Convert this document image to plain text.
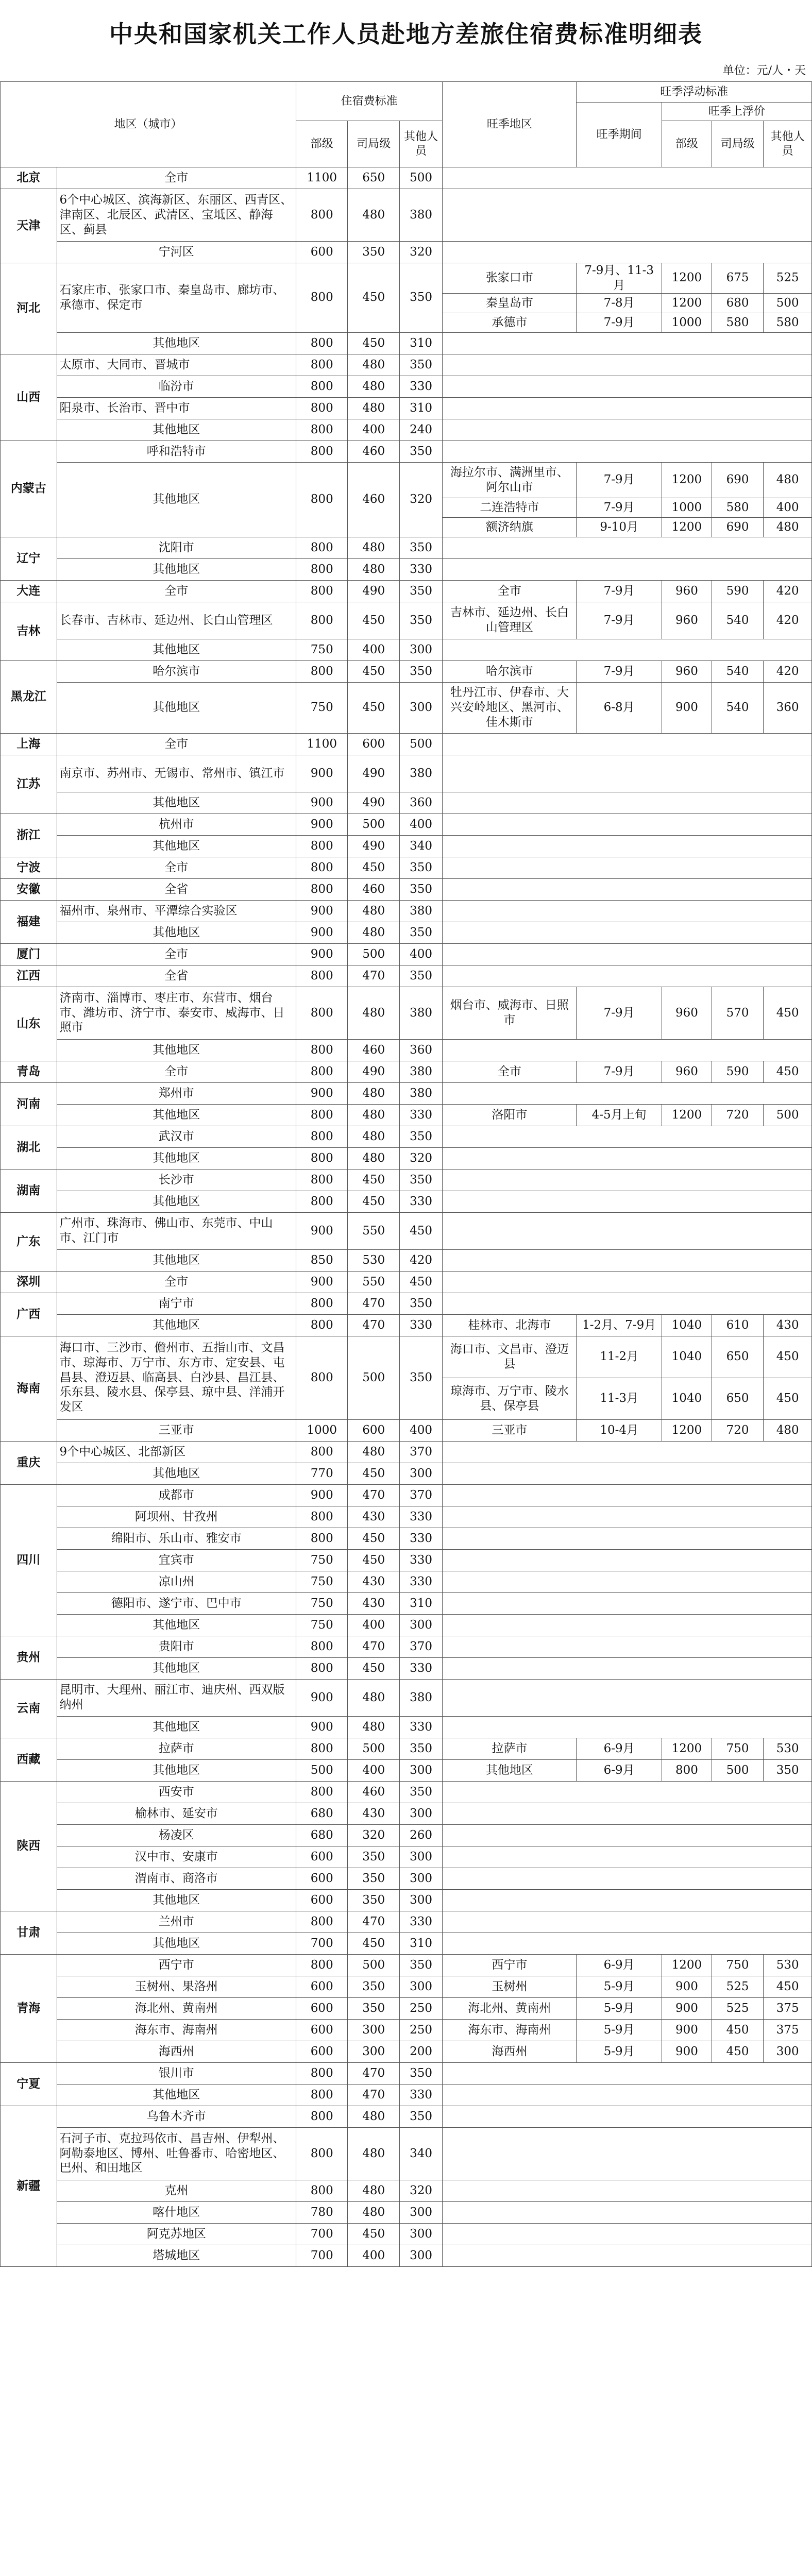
中央和国家机关工作人员赴地方差旅住宿费标准明细表
单位：元/人・天
地区（城市）		住宿费标准			旺季地区	旺季浮动标准			
						旺季期间	旺季上浮价		
		部级	司局级	其他人员			部级	司局级	其他人员
北京	全市	1100	650	500					
天津	6个中心城区、滨海新区、东丽区、西青区、津南区、北辰区、武清区、宝坻区、静海区、蓟县	800	480	380					
	宁河区	600	350	320					
河北	石家庄市、张家口市、秦皇岛市、廊坊市、承德市、保定市	800	450	350	张家口市	7-9月、11-3月	1200	675	525
					秦皇岛市	7-8月	1200	680	500
					承德市	7-9月	1000	580	580
	其他地区	800	450	310					
山西	太原市、大同市、晋城市	800	480	350					
	临汾市	800	480	330					
	阳泉市、长治市、晋中市	800	480	310					
	其他地区	800	400	240					
内蒙古	呼和浩特市	800	460	350					
	其他地区	800	460	320	海拉尔市、满洲里市、阿尔山市	7-9月	1200	690	480
					二连浩特市	7-9月	1000	580	400
					额济纳旗	9-10月	1200	690	480
辽宁	沈阳市	800	480	350					
	其他地区	800	480	330					
大连	全市	800	490	350	全市	7-9月	960	590	420
吉林	长春市、吉林市、延边州、长白山管理区	800	450	350	吉林市、延边州、长白山管理区	7-9月	960	540	420
	其他地区	750	400	300					
黑龙江	哈尔滨市	800	450	350	哈尔滨市	7-9月	960	540	420
	其他地区	750	450	300	牡丹江市、伊春市、大兴安岭地区、黑河市、佳木斯市	6-8月	900	540	360
上海	全市	1100	600	500					
江苏	南京市、苏州市、无锡市、常州市、镇江市	900	490	380					
	其他地区	900	490	360					
浙江	杭州市	900	500	400					
	其他地区	800	490	340					
宁波	全市	800	450	350					
安徽	全省	800	460	350					
福建	福州市、泉州市、平潭综合实验区	900	480	380					
	其他地区	900	480	350					
厦门	全市	900	500	400					
江西	全省	800	470	350					
山东	济南市、淄博市、枣庄市、东营市、烟台市、潍坊市、济宁市、泰安市、威海市、日照市	800	480	380	烟台市、威海市、日照市	7-9月	960	570	450
	其他地区	800	460	360					
青岛	全市	800	490	380	全市	7-9月	960	590	450
河南	郑州市	900	480	380					
	其他地区	800	480	330	洛阳市	4-5月上旬	1200	720	500
湖北	武汉市	800	480	350					
	其他地区	800	480	320					
湖南	长沙市	800	450	350					
	其他地区	800	450	330					
广东	广州市、珠海市、佛山市、东莞市、中山市、江门市	900	550	450					
	其他地区	850	530	420					
深圳	全市	900	550	450					
广西	南宁市	800	470	350					
	其他地区	800	470	330	桂林市、北海市	1-2月、7-9月	1040	610	430
海南	海口市、三沙市、儋州市、五指山市、文昌市、琼海市、万宁市、东方市、定安县、屯昌县、澄迈县、临高县、白沙县、昌江县、乐东县、陵水县、保亭县、琼中县、洋浦开发区	800	500	350	海口市、文昌市、澄迈县	11-2月	1040	650	450
					琼海市、万宁市、陵水县、保亭县	11-3月	1040	650	450
	三亚市	1000	600	400	三亚市	10-4月	1200	720	480
重庆	9个中心城区、北部新区	800	480	370					
	其他地区	770	450	300					
四川	成都市	900	470	370					
	阿坝州、甘孜州	800	430	330					
	绵阳市、乐山市、雅安市	800	450	330					
	宜宾市	750	450	330					
	凉山州	750	430	330					
	德阳市、遂宁市、巴中市	750	430	310					
	其他地区	750	400	300					
贵州	贵阳市	800	470	370					
	其他地区	800	450	330					
云南	昆明市、大理州、丽江市、迪庆州、西双版纳州	900	480	380					
	其他地区	900	480	330					
西藏	拉萨市	800	500	350	拉萨市	6-9月	1200	750	530
	其他地区	500	400	300	其他地区	6-9月	800	500	350
陕西	西安市	800	460	350					
	榆林市、延安市	680	430	300					
	杨凌区	680	320	260					
	汉中市、安康市	600	350	300					
	渭南市、商洛市	600	350	300					
	其他地区	600	350	300					
甘肃	兰州市	800	470	330					
	其他地区	700	450	310					
青海	西宁市	800	500	350	西宁市	6-9月	1200	750	530
	玉树州、果洛州	600	350	300	玉树州	5-9月	900	525	450
	海北州、黄南州	600	350	250	海北州、黄南州	5-9月	900	525	375
	海东市、海南州	600	300	250	海东市、海南州	5-9月	900	450	375
	海西州	600	300	200	海西州	5-9月	900	450	300
宁夏	银川市	800	470	350					
	其他地区	800	470	330					
新疆	乌鲁木齐市	800	480	350					
	石河子市、克拉玛依市、昌吉州、伊犁州、阿勒泰地区、博州、吐鲁番市、哈密地区、巴州、和田地区	800	480	340					
	克州	800	480	320					
	喀什地区	780	480	300					
	阿克苏地区	700	450	300					
	塔城地区	700	400	300					
